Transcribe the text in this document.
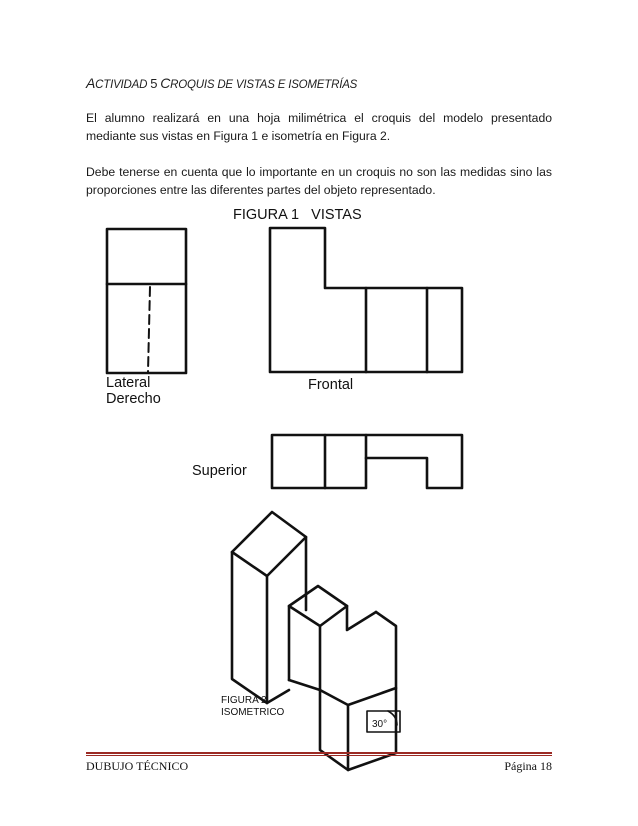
ACTIVIDAD 5 CROQUIS DE VISTAS E ISOMETRÍAS
El alumno realizará en una hoja milimétrica el croquis del modelo presentado mediante sus vistas en Figura 1 e isometría en Figura 2.
Debe tenerse en cuenta que lo importante en un croquis no son las medidas sino las proporciones entre las diferentes partes del objeto representado.
FIGURA 1   VISTAS
Lateral
Derecho
Frontal
Superior
FIGURA 2
ISOMETRICO
30°
DUBUJO TÉCNICO	Página 18
